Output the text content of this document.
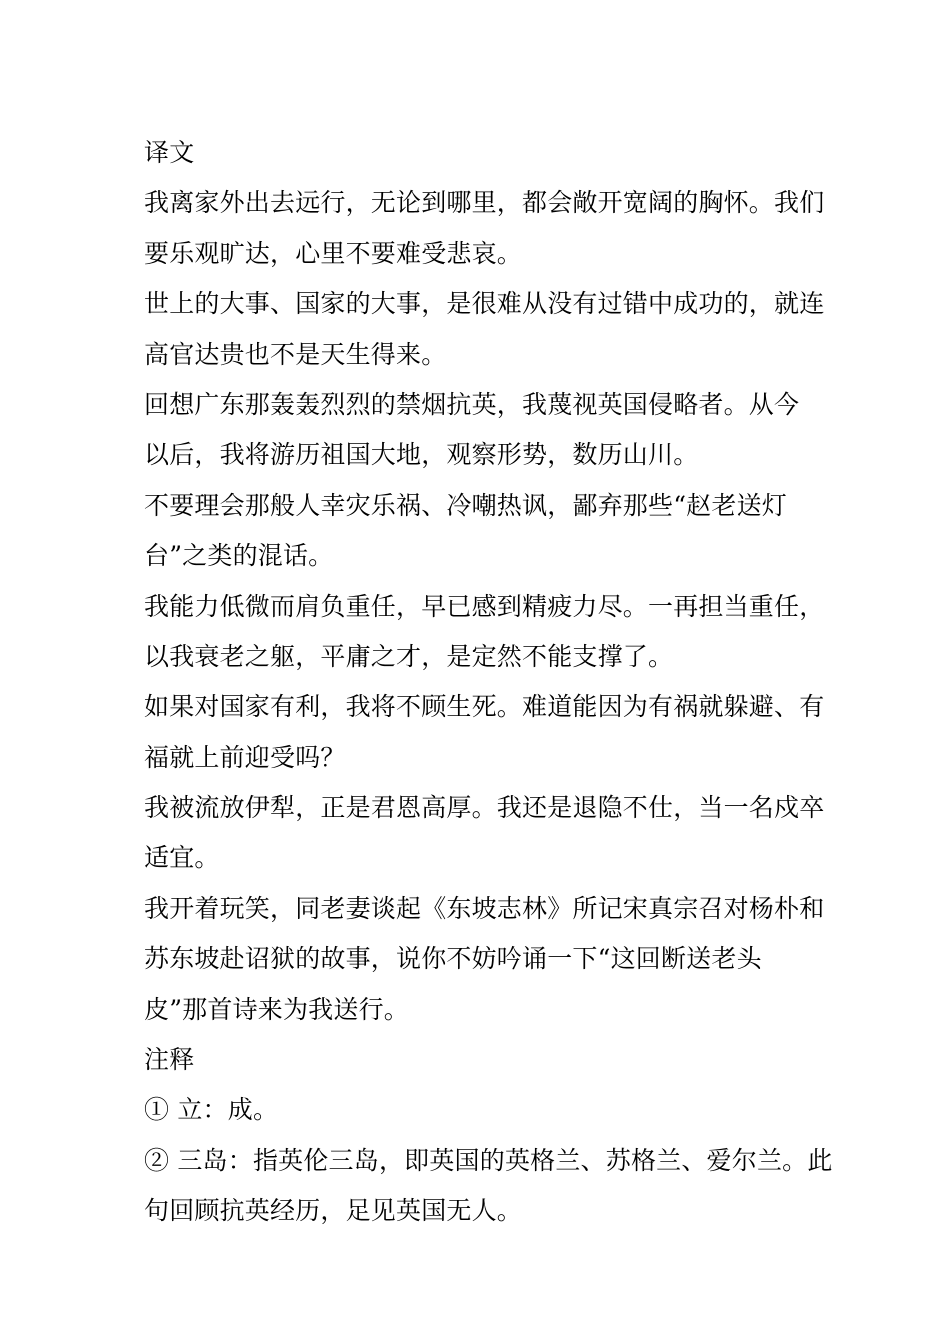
译文
我离家外出去远行，无论到哪里，都会敞开宽阔的胸怀。我们
要乐观旷达，心里不要难受悲哀。
世上的大事、国家的大事，是很难从没有过错中成功的，就连
高官达贵也不是天生得来。
回想广东那轰轰烈烈的禁烟抗英，我蔑视英国侵略者。从今
以后，我将游历祖国大地，观察形势，数历山川。
不要理会那般人幸灾乐祸、冷嘲热讽，鄙弃那些“赵老送灯
台”之类的混话。
我能力低微而肩负重任，早已感到精疲力尽。一再担当重任，
以我衰老之躯，平庸之才，是定然不能支撑了。
如果对国家有利，我将不顾生死。难道能因为有祸就躲避、有
福就上前迎受吗？
我被流放伊犁，正是君恩高厚。我还是退隐不仕，当一名戍卒
适宜。
我开着玩笑，同老妻谈起《东坡志林》所记宋真宗召对杨朴和
苏东坡赴诏狱的故事，说你不妨吟诵一下“这回断送老头
皮”那首诗来为我送行。
注释
① 立：成。
② 三岛：指英伦三岛，即英国的英格兰、苏格兰、爱尔兰。此
句回顾抗英经历，足见英国无人。
